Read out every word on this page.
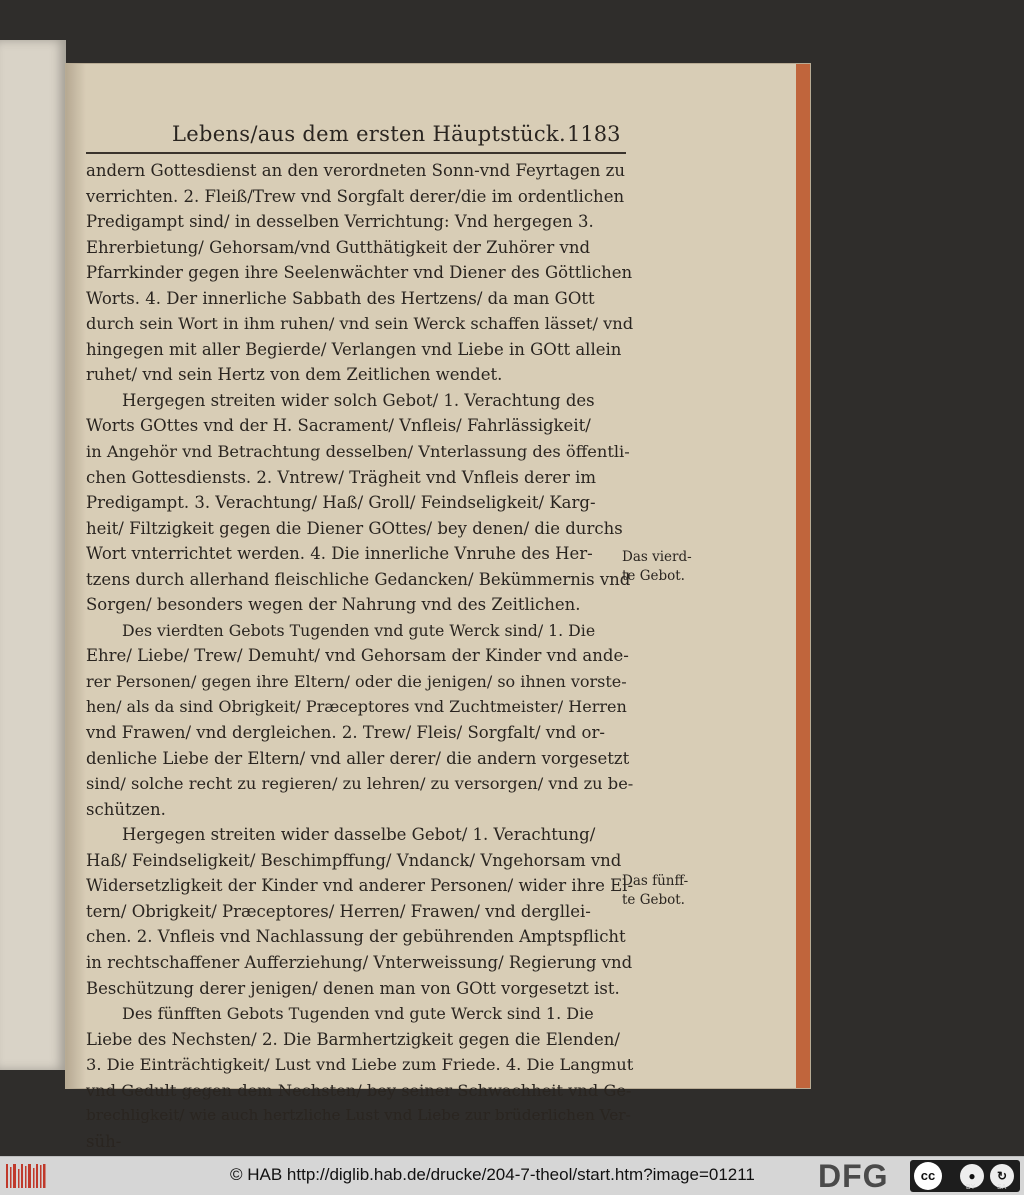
Lebens/aus dem ersten Häuptstück. 1183
andern Gottesdienst an den verordneten Sonn-vnd Feyrtagen zu
verrichten. 2. Fleiß/Trew vnd Sorgfalt derer/die im ordentlichen
Predigampt sind/ in desselben Verrichtung: Vnd hergegen 3.
Ehrerbietung/ Gehorsam/vnd Gutthätigkeit der Zuhörer vnd
Pfarrkinder gegen ihre Seelenwächter vnd Diener des Göttlichen
Worts. 4. Der innerliche Sabbath des Hertzens/ da man GOtt
durch sein Wort in ihm ruhen/ vnd sein Werck schaffen lässet/ vnd
hingegen mit aller Begierde/ Verlangen vnd Liebe in GOtt allein
ruhet/ vnd sein Hertz von dem Zeitlichen wendet.
Hergegen streiten wider solch Gebot/ 1. Verachtung des
Worts GOttes vnd der H. Sacrament/ Vnfleis/ Fahrlässigkeit/
in Angehör vnd Betrachtung desselben/ Vnterlassung des öffentli-
chen Gottesdiensts. 2. Vntrew/ Trägheit vnd Vnfleis derer im
Predigampt. 3. Verachtung/ Haß/ Groll/ Feindseligkeit/ Karg-
heit/ Filtzigkeit gegen die Diener GOttes/ bey denen/ die durchs
Wort vnterrichtet werden. 4. Die innerliche Vnruhe des Her-
tzens durch allerhand fleischliche Gedancken/ Bekümmernis vnd
Sorgen/ besonders wegen der Nahrung vnd des Zeitlichen.
Des vierdten Gebots Tugenden vnd gute Werck sind/ 1. Die
Ehre/ Liebe/ Trew/ Demuht/ vnd Gehorsam der Kinder vnd ande-
rer Personen/ gegen ihre Eltern/ oder die jenigen/ so ihnen vorste-
hen/ als da sind Obrigkeit/ Præceptores vnd Zuchtmeister/ Herren
vnd Frawen/ vnd dergleichen. 2. Trew/ Fleis/ Sorgfalt/ vnd or-
denliche Liebe der Eltern/ vnd aller derer/ die andern vorgesetzt
sind/ solche recht zu regieren/ zu lehren/ zu versorgen/ vnd zu be-
schützen.
Hergegen streiten wider dasselbe Gebot/ 1. Verachtung/
Haß/ Feindseligkeit/ Beschimpffung/ Vndanck/ Vngehorsam vnd
Widersetzligkeit der Kinder vnd anderer Personen/ wider ihre El-
tern/ Obrigkeit/ Præceptores/ Herren/ Frawen/ vnd dergllei-
chen. 2. Vnfleis vnd Nachlassung der gebührenden Amptspflicht
in rechtschaffener Aufferziehung/ Vnterweissung/ Regierung vnd
Beschützung derer jenigen/ denen man von GOtt vorgesetzt ist.
Des fünfften Gebots Tugenden vnd gute Werck sind 1. Die
Liebe des Nechsten/ 2. Die Barmhertzigkeit gegen die Elenden/
3. Die Einträchtigkeit/ Lust vnd Liebe zum Friede. 4. Die Langmut
vnd Gedult gegen dem Nechsten/ bey seiner Schwachheit vnd Ge-
brechligkeit/ wie auch hertzliche Lust vnd Liebe zur brüderlichen Ver-
süh-
Das vierd-
te Gebot.
Das fünff-
te Gebot.
© HAB http://diglib.hab.de/drucke/204-7-theol/start.htm?image=01211 DFG	cc	●	↻
BY	SA
